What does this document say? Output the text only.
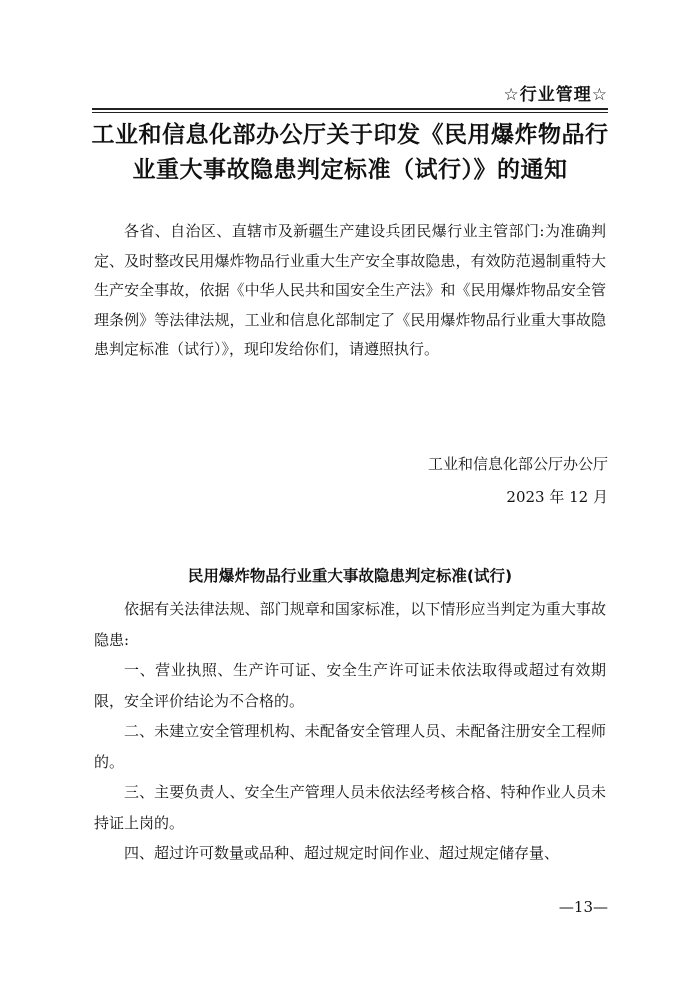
☆行业管理☆
工业和信息化部办公厅关于印发《民用爆炸物品行业重大事故隐患判定标准（试行）》的通知
各省、自治区、直辖市及新疆生产建设兵团民爆行业主管部门:为准确判定、及时整改民用爆炸物品行业重大生产安全事故隐患，有效防范遏制重特大生产安全事故，依据《中华人民共和国安全生产法》和《民用爆炸物品安全管理条例》等法律法规，工业和信息化部制定了《民用爆炸物品行业重大事故隐患判定标准（试行）》，现印发给你们，请遵照执行。
工业和信息化部公厅办公厅
2023 年 12 月
民用爆炸物品行业重大事故隐患判定标准(试行)

依据有关法律法规、部门规章和国家标准，以下情形应当判定为重大事故隐患:

一、营业执照、生产许可证、安全生产许可证未依法取得或超过有效期限，安全评价结论为不合格的。

二、未建立安全管理机构、未配备安全管理人员、未配备注册安全工程师的。

三、主要负责人、安全生产管理人员未依法经考核合格、特种作业人员未持证上岗的。

四、超过许可数量或品种、超过规定时间作业、超过规定储存量、

—13—
